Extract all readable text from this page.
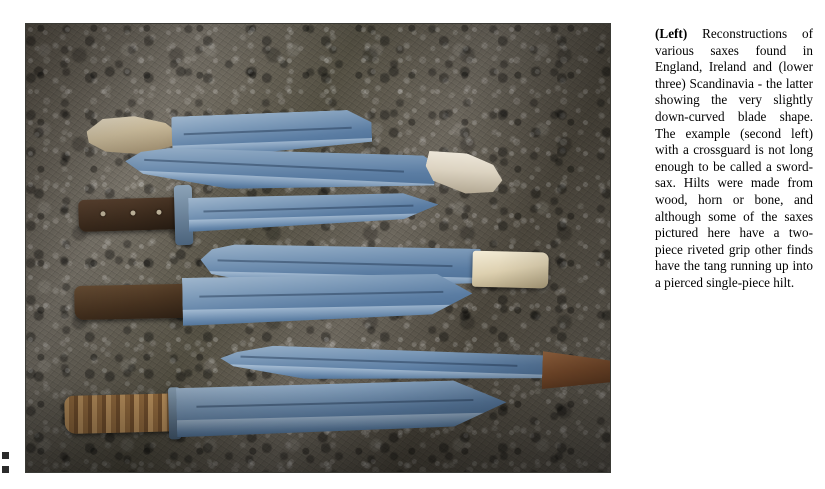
(Left) Reconstructions of various saxes found in England, Ireland and (lower three) Scandinavia - the latter showing the very slightly down-curved blade shape. The example (second left) with a crossguard is not long enough to be called a sword-sax. Hilts were made from wood, horn or bone, and although some of the saxes pictured here have a two-piece riveted grip other finds have the tang running up into a pierced single-piece hilt.
